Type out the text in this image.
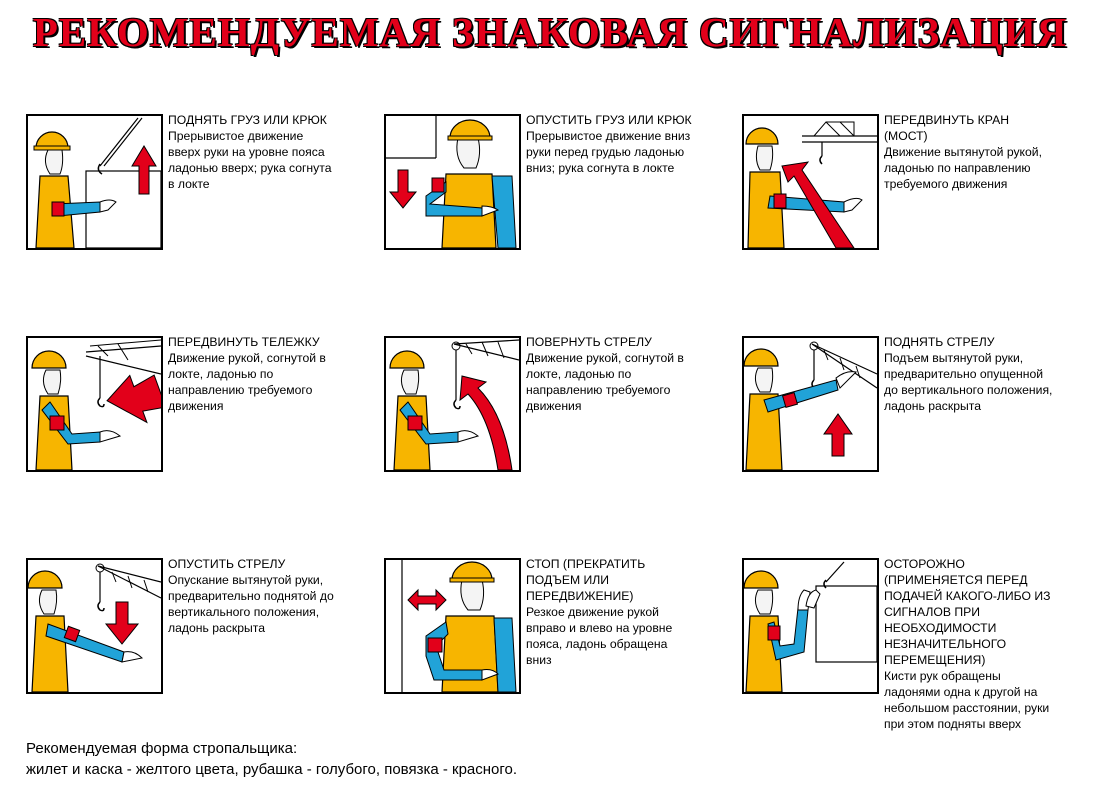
РЕКОМЕНДУЕМАЯ ЗНАКОВАЯ СИГНАЛИЗАЦИЯ
ПОДНЯТЬ ГРУЗ ИЛИ КРЮК
Прерывистое движение
вверх руки на уровне пояса
ладонью вверх; рука согнута
в локте
ОПУСТИТЬ ГРУЗ ИЛИ КРЮК
Прерывистое движение вниз
руки перед грудью ладонью
вниз; рука согнута в локте
ПЕРЕДВИНУТЬ КРАН
(МОСТ)
Движение вытянутой рукой,
ладонью по направлению
требуемого движения
ПЕРЕДВИНУТЬ ТЕЛЕЖКУ
Движение рукой, согнутой в
локте, ладонью по
направлению требуемого
движения
ПОВЕРНУТЬ СТРЕЛУ
Движение рукой, согнутой в
локте, ладонью по
направлению требуемого
движения
ПОДНЯТЬ СТРЕЛУ
Подъем вытянутой руки,
предварительно опущенной
до вертикального положения,
ладонь раскрыта
ОПУСТИТЬ СТРЕЛУ
Опускание вытянутой руки,
предварительно поднятой до
вертикального положения,
ладонь раскрыта
СТОП (ПРЕКРАТИТЬ
ПОДЪЕМ ИЛИ
ПЕРЕДВИЖЕНИЕ)
Резкое движение рукой
вправо и влево на уровне
пояса, ладонь обращена
вниз
ОСТОРОЖНО
(ПРИМЕНЯЕТСЯ ПЕРЕД
ПОДАЧЕЙ КАКОГО-ЛИБО ИЗ
СИГНАЛОВ ПРИ
НЕОБХОДИМОСТИ
НЕЗНАЧИТЕЛЬНОГО
ПЕРЕМЕЩЕНИЯ)
Кисти рук обращены
ладонями одна к другой на
небольшом расстоянии, руки
при этом подняты вверх
Рекомендуемая форма стропальщика:
жилет и каска - желтого цвета, рубашка - голубого, повязка - красного.
